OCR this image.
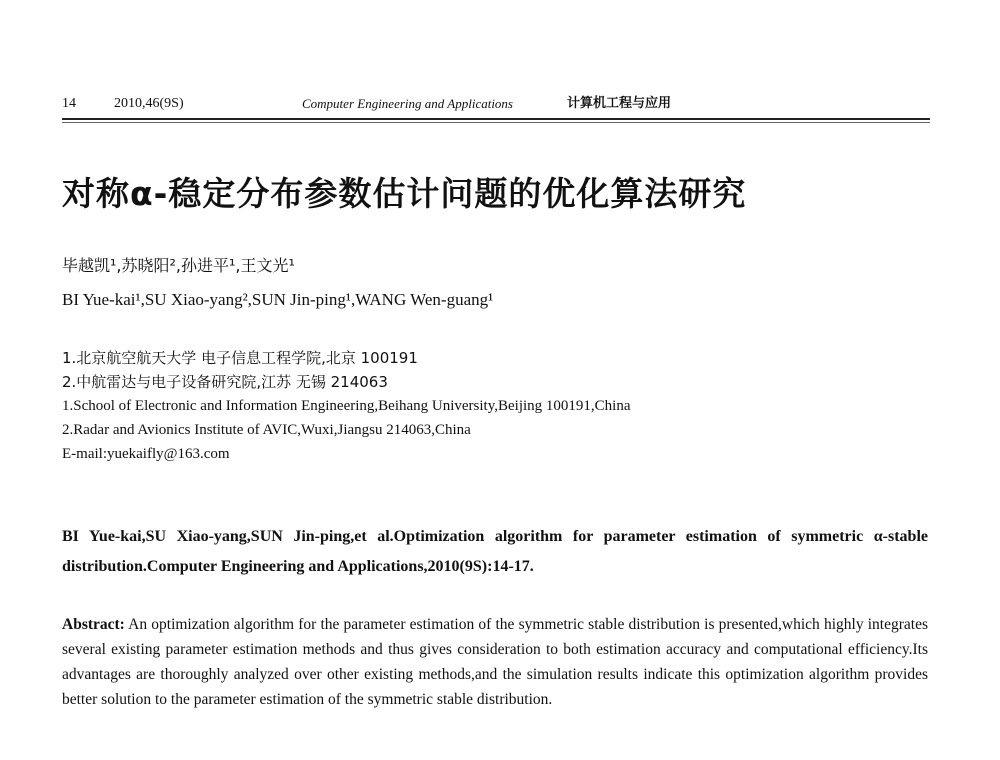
14	2010,46(9S)	Computer Engineering and Applications	计算机工程与应用
对称α-稳定分布参数估计问题的优化算法研究
毕越凯¹,苏晓阳²,孙进平¹,王文光¹
BI Yue-kai¹,SU Xiao-yang²,SUN Jin-ping¹,WANG Wen-guang¹
1.北京航空航天大学 电子信息工程学院,北京 100191
2.中航雷达与电子设备研究院,江苏 无锡 214063
1.School of Electronic and Information Engineering,Beihang University,Beijing 100191,China
2.Radar and Avionics Institute of AVIC,Wuxi,Jiangsu 214063,China
E-mail:yuekaifly@163.com

BI Yue-kai,SU Xiao-yang,SUN Jin-ping,et al.Optimization algorithm for parameter estimation of symmetric α-stable distribution.Computer Engineering and Applications,2010(9S):14-17.

Abstract: An optimization algorithm for the parameter estimation of the symmetric stable distribution is presented,which highly integrates several existing parameter estimation methods and thus gives consideration to both estimation accuracy and computational efficiency.Its advantages are thoroughly analyzed over other existing methods,and the simulation results indicate this optimization algorithm provides better solution to the parameter estimation of the symmetric stable distribution.
